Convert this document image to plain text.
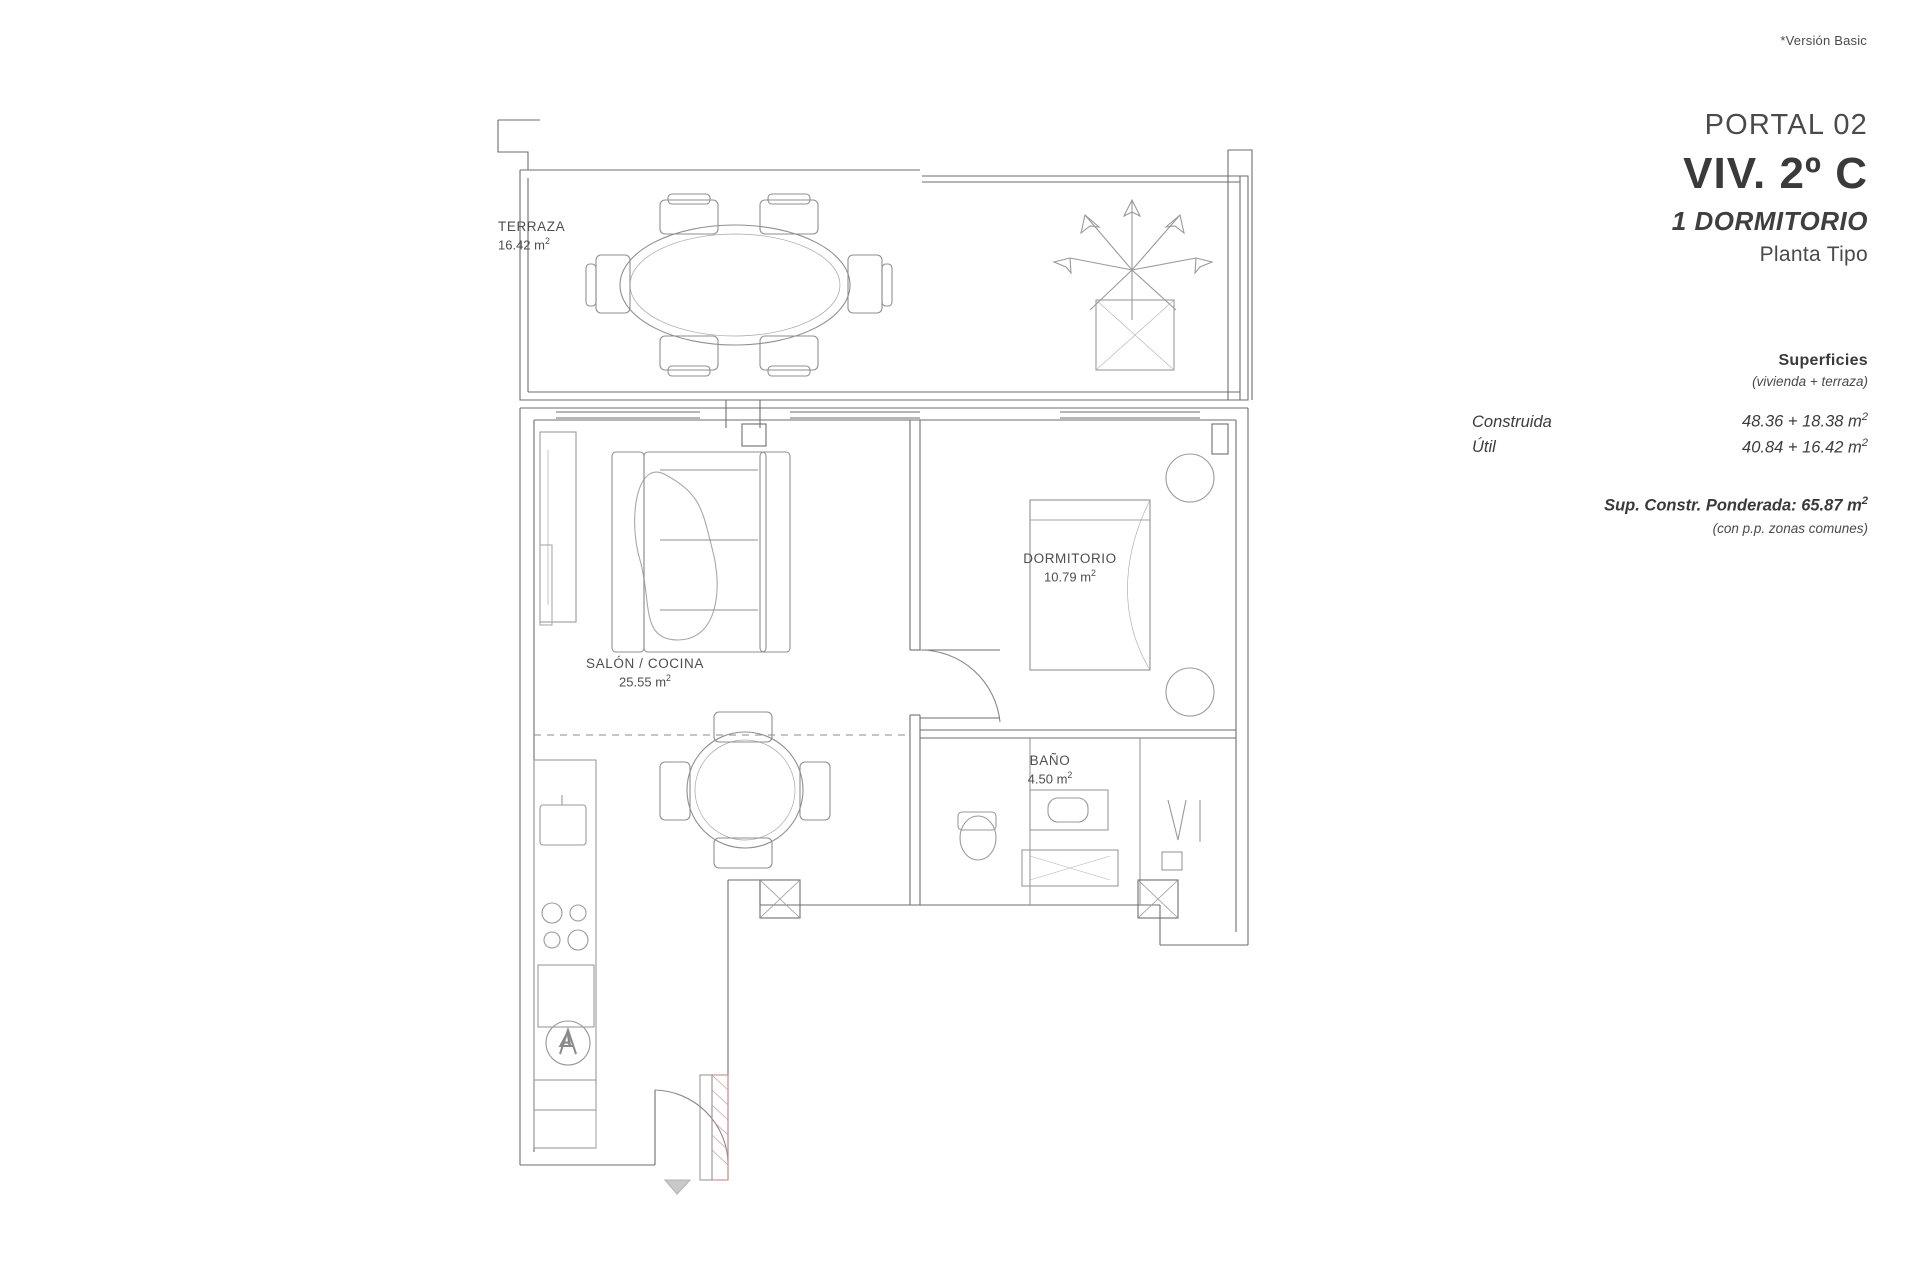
*Versión Basic
PORTAL 02
VIV. 2º C
1 DORMITORIO
Planta Tipo
Superficies
(vivienda + terraza)
Construida	48.36 + 18.38 $m^2$
Útil	40.84 + 16.42 $m^2$
Sup. Constr. Ponderada: 65.87 $m^2$
(con p.p. zonas comunes)
TERRAZA
16.42 $m^2$
SALÓN / COCINA
25.55 $m^2$
DORMITORIO
10.79 $m^2$
BAÑO
4.50 $m^2$
A
